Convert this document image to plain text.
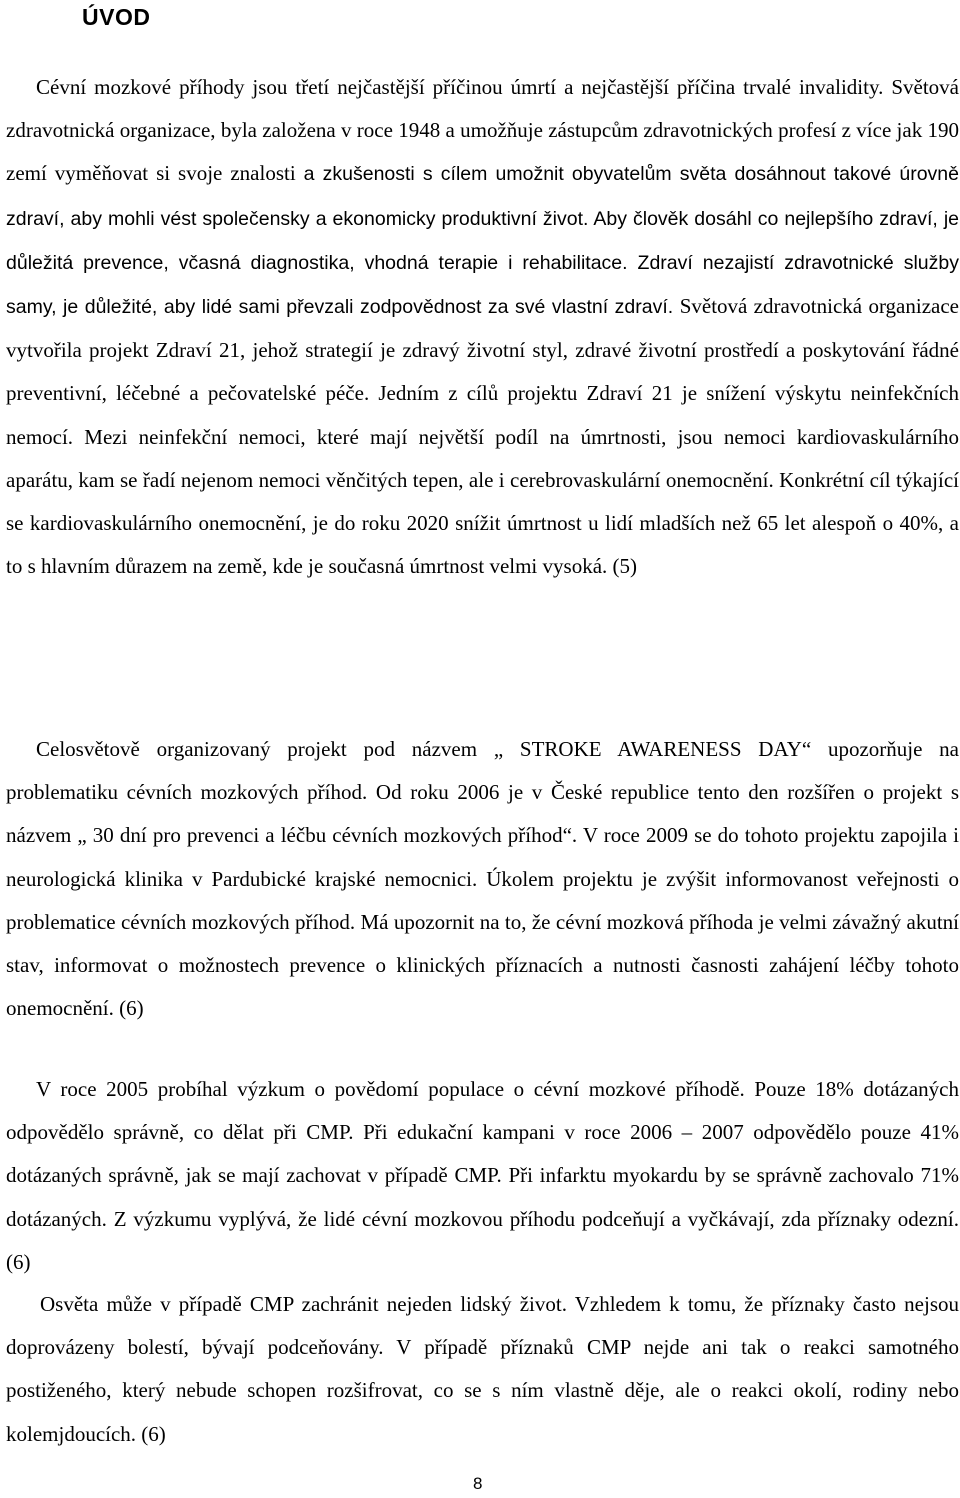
ÚVOD

Cévní mozkové příhody jsou třetí nejčastější příčinou úmrtí a nejčastější příčina trvalé invalidity. Světová zdravotnická organizace, byla založena v roce 1948 a umožňuje zástupcům zdravotnických profesí z více jak 190 zemí vyměňovat si svoje znalosti a zkušenosti s cílem umožnit obyvatelům světa dosáhnout takové úrovně zdraví, aby mohli vést společensky a ekonomicky produktivní život. Aby člověk dosáhl co nejlepšího zdraví, je důležitá prevence, včasná diagnostika, vhodná terapie i rehabilitace. Zdraví nezajistí zdravotnické služby samy, je důležité, aby lidé sami převzali zodpovědnost za své vlastní zdraví. Světová zdravotnická organizace vytvořila projekt Zdraví 21, jehož strategií je zdravý životní styl, zdravé životní prostředí a poskytování řádné preventivní, léčebné a pečovatelské péče. Jedním z cílů projektu Zdraví 21 je snížení výskytu neinfekčních nemocí. Mezi neinfekční nemoci, které mají největší podíl na úmrtnosti, jsou nemoci kardiovaskulárního aparátu, kam se řadí nejenom nemoci věnčitých tepen, ale i cerebrovaskulární onemocnění. Konkrétní cíl týkající se kardiovaskulárního onemocnění, je do roku 2020 snížit úmrtnost u lidí mladších než 65 let alespoň o 40%, a to s hlavním důrazem na země, kde je současná úmrtnost velmi vysoká. (5)

Celosvětově organizovaný projekt pod názvem „ STROKE AWARENESS DAY“ upozorňuje na problematiku cévních mozkových příhod. Od roku 2006 je v České republice tento den rozšířen o projekt s názvem „ 30 dní pro prevenci a léčbu cévních mozkových příhod“. V roce 2009 se do tohoto projektu zapojila i neurologická klinika v Pardubické krajské nemocnici. Úkolem projektu je zvýšit informovanost veřejnosti o problematice cévních mozkových příhod. Má upozornit na to, že cévní mozková příhoda je velmi závažný akutní stav, informovat o možnostech prevence o klinických příznacích a nutnosti časnosti zahájení léčby tohoto onemocnění. (6)

V roce 2005 probíhal výzkum o povědomí populace o cévní mozkové příhodě. Pouze 18% dotázaných odpovědělo správně, co dělat při CMP. Při edukační kampani v roce 2006 – 2007 odpovědělo pouze 41% dotázaných správně, jak se mají zachovat v případě CMP. Při infarktu myokardu by se správně zachovalo 71% dotázaných. Z výzkumu vyplývá, že lidé cévní mozkovou příhodu podceňují a vyčkávají, zda příznaky odezní. (6)

Osvěta může v případě CMP zachránit nejeden lidský život. Vzhledem k tomu, že příznaky často nejsou doprovázeny bolestí, bývají podceňovány. V případě příznaků CMP nejde ani tak o reakci samotného postiženého, který nebude schopen rozšifrovat, co se s ním vlastně děje, ale o reakci okolí, rodiny nebo kolemjdoucích. (6)

8
